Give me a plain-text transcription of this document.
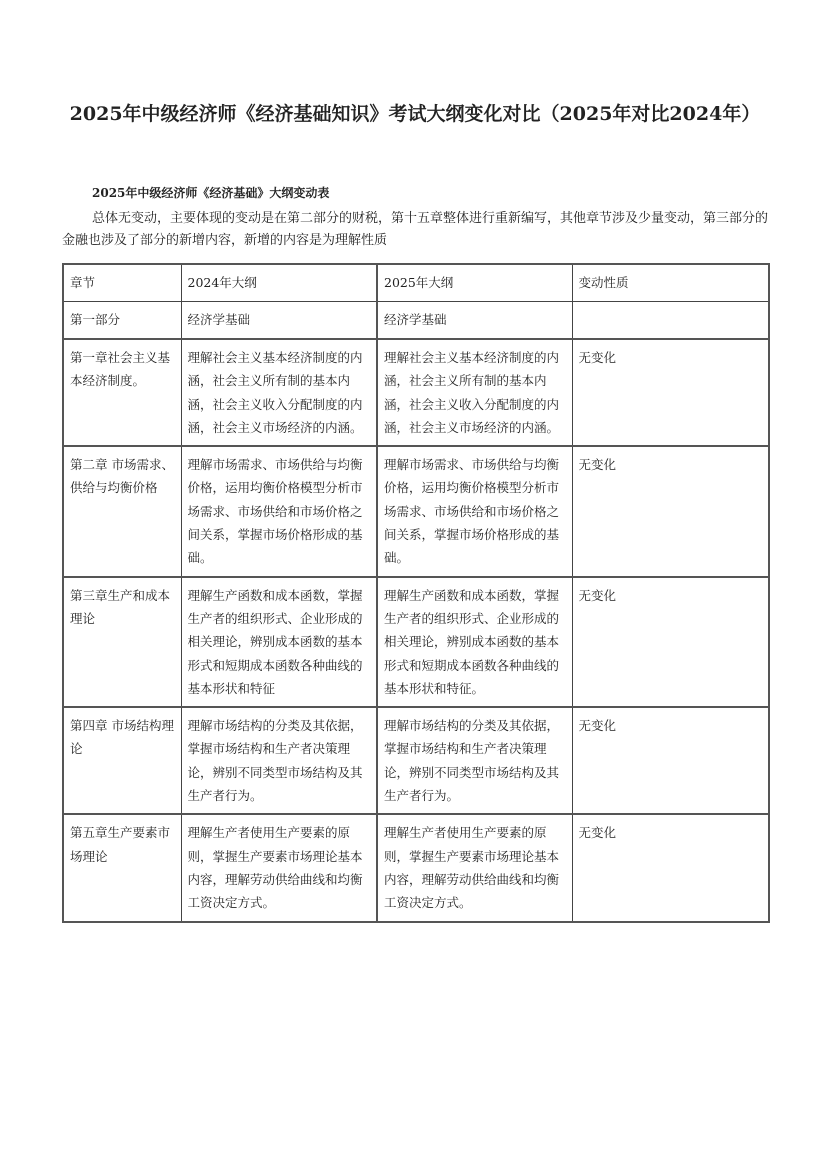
2025年中级经济师《经济基础知识》考试大纲变化对比（2025年对比2024年）
2025年中级经济师《经济基础》大纲变动表

总体无变动，主要体现的变动是在第二部分的财税，第十五章整体进行重新编写，其他章节涉及少量变动，第三部分的金融也涉及了部分的新增内容，新增的内容是为理解性质

章节	2024年大纲	2025年大纲	变动性质
第一部分	经济学基础	经济学基础	
第一章社会主义基本经济制度。	理解社会主义基本经济制度的内涵，社会主义所有制的基本内涵，社会主义收入分配制度的内涵，社会主义市场经济的内涵。	理解社会主义基本经济制度的内涵，社会主义所有制的基本内涵，社会主义收入分配制度的内涵，社会主义市场经济的内涵。	无变化
第二章 市场需求、供给与均衡价格	理解市场需求、市场供给与均衡价格，运用均衡价格模型分析市场需求、市场供给和市场价格之间关系，掌握市场价格形成的基础。	理解市场需求、市场供给与均衡价格，运用均衡价格模型分析市场需求、市场供给和市场价格之间关系，掌握市场价格形成的基础。	无变化
第三章生产和成本理论	理解生产函数和成本函数，掌握生产者的组织形式、企业形成的相关理论，辨别成本函数的基本形式和短期成本函数各种曲线的基本形状和特征	理解生产函数和成本函数，掌握生产者的组织形式、企业形成的相关理论，辨别成本函数的基本形式和短期成本函数各种曲线的基本形状和特征。	无变化
第四章 市场结构理论	理解市场结构的分类及其依据，掌握市场结构和生产者决策理论，辨别不同类型市场结构及其生产者行为。	理解市场结构的分类及其依据，掌握市场结构和生产者决策理论，辨别不同类型市场结构及其生产者行为。	无变化
第五章生产要素市场理论	理解生产者使用生产要素的原则，掌握生产要素市场理论基本内容，理解劳动供给曲线和均衡工资决定方式。	理解生产者使用生产要素的原则，掌握生产要素市场理论基本内容，理解劳动供给曲线和均衡工资决定方式。	无变化
